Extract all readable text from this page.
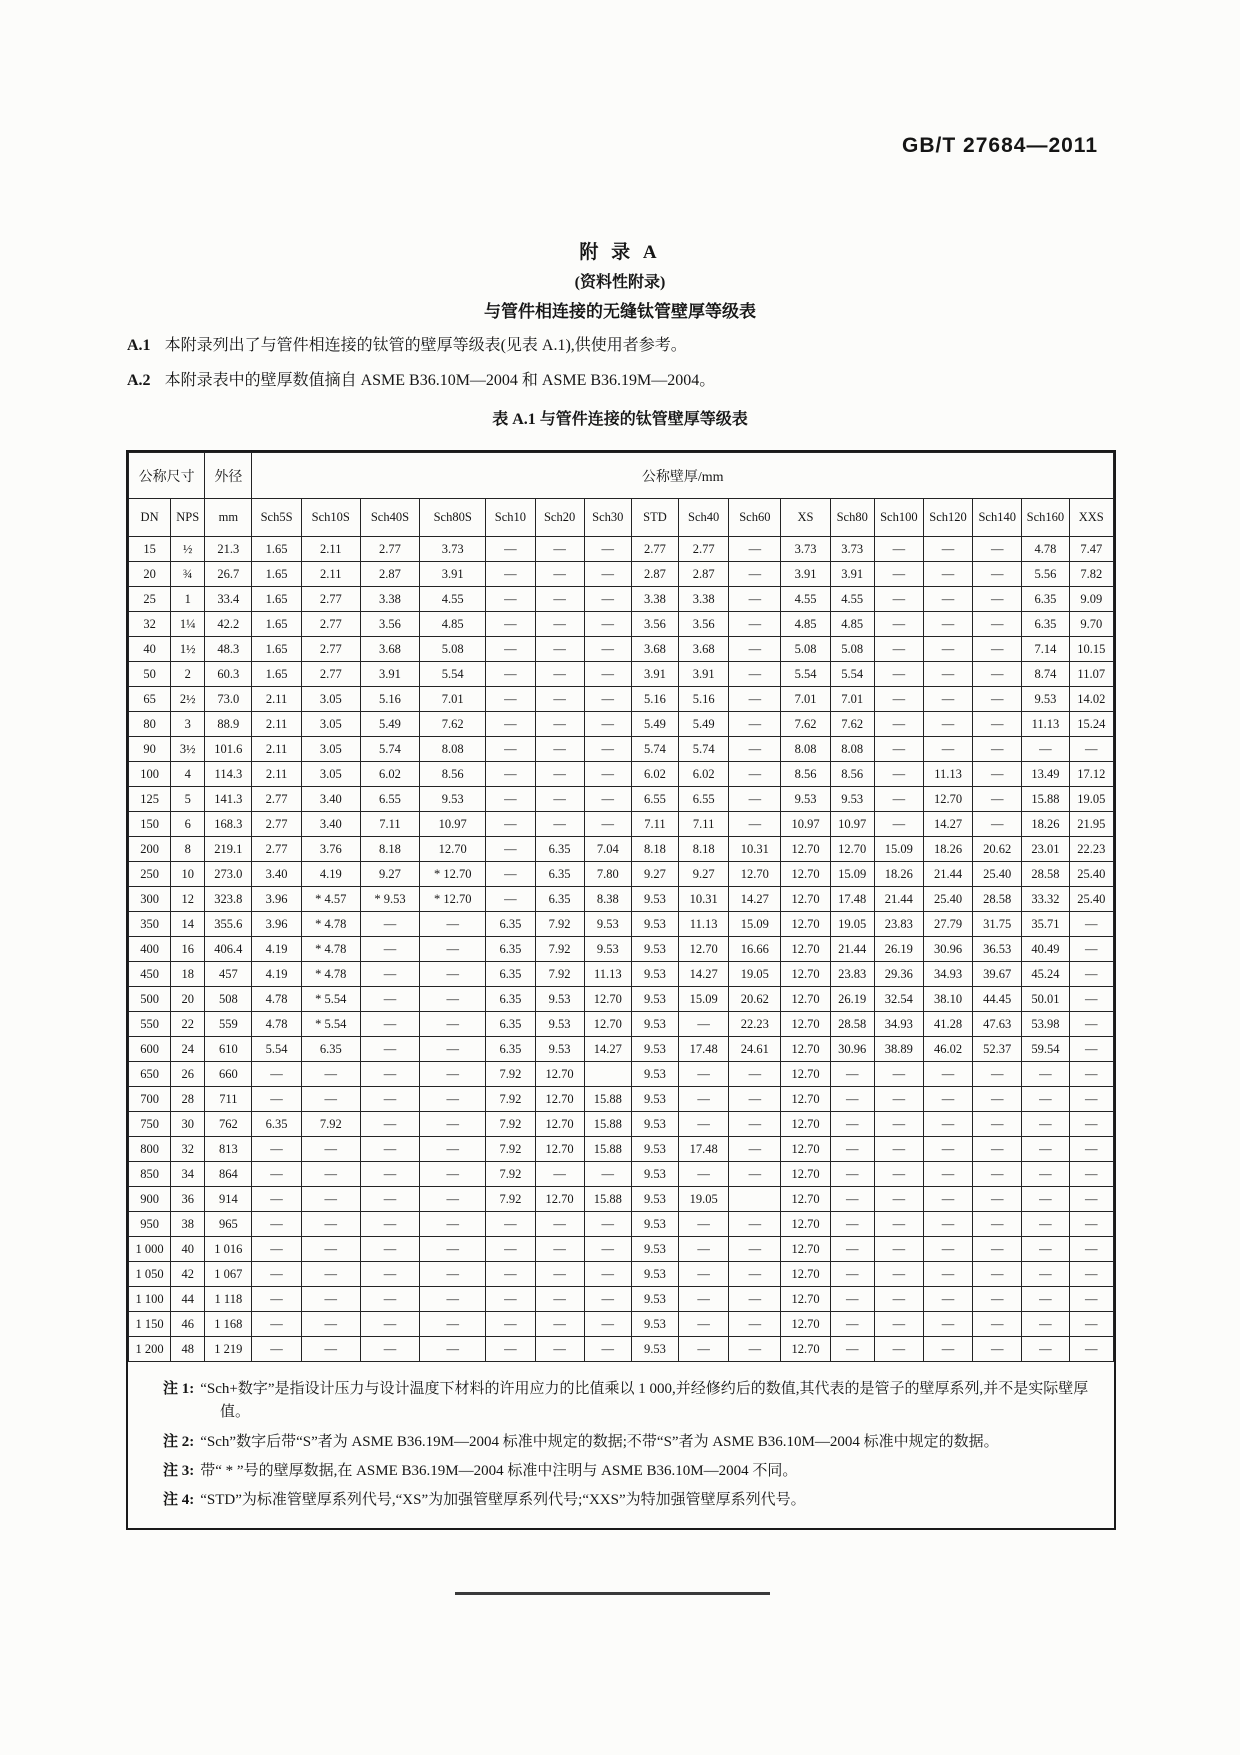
GB/T 27684—2011
附 录 A
(资料性附录)
与管件相连接的无缝钛管壁厚等级表
A.1 本附录列出了与管件相连接的钛管的壁厚等级表(见表 A.1),供使用者参考。
A.2 本附录表中的壁厚数值摘自 ASME B36.10M—2004 和 ASME B36.19M—2004。
表 A.1 与管件连接的钛管壁厚等级表
公称尺寸		外径	公称壁厚/mm																
DN	NPS	mm	Sch5S	Sch10S	Sch40S	Sch80S	Sch10	Sch20	Sch30	STD	Sch40	Sch60	XS	Sch80	Sch100	Sch120	Sch140	Sch160	XXS
15	½	21.3	1.65	2.11	2.77	3.73	—	—	—	2.77	2.77	—	3.73	3.73	—	—	—	4.78	7.47
20	¾	26.7	1.65	2.11	2.87	3.91	—	—	—	2.87	2.87	—	3.91	3.91	—	—	—	5.56	7.82
25	1	33.4	1.65	2.77	3.38	4.55	—	—	—	3.38	3.38	—	4.55	4.55	—	—	—	6.35	9.09
32	1¼	42.2	1.65	2.77	3.56	4.85	—	—	—	3.56	3.56	—	4.85	4.85	—	—	—	6.35	9.70
40	1½	48.3	1.65	2.77	3.68	5.08	—	—	—	3.68	3.68	—	5.08	5.08	—	—	—	7.14	10.15
50	2	60.3	1.65	2.77	3.91	5.54	—	—	—	3.91	3.91	—	5.54	5.54	—	—	—	8.74	11.07
65	2½	73.0	2.11	3.05	5.16	7.01	—	—	—	5.16	5.16	—	7.01	7.01	—	—	—	9.53	14.02
80	3	88.9	2.11	3.05	5.49	7.62	—	—	—	5.49	5.49	—	7.62	7.62	—	—	—	11.13	15.24
90	3½	101.6	2.11	3.05	5.74	8.08	—	—	—	5.74	5.74	—	8.08	8.08	—	—	—	—	—
100	4	114.3	2.11	3.05	6.02	8.56	—	—	—	6.02	6.02	—	8.56	8.56	—	11.13	—	13.49	17.12
125	5	141.3	2.77	3.40	6.55	9.53	—	—	—	6.55	6.55	—	9.53	9.53	—	12.70	—	15.88	19.05
150	6	168.3	2.77	3.40	7.11	10.97	—	—	—	7.11	7.11	—	10.97	10.97	—	14.27	—	18.26	21.95
200	8	219.1	2.77	3.76	8.18	12.70	—	6.35	7.04	8.18	8.18	10.31	12.70	12.70	15.09	18.26	20.62	23.01	22.23
250	10	273.0	3.40	4.19	9.27	* 12.70	—	6.35	7.80	9.27	9.27	12.70	12.70	15.09	18.26	21.44	25.40	28.58	25.40
300	12	323.8	3.96	* 4.57	* 9.53	* 12.70	—	6.35	8.38	9.53	10.31	14.27	12.70	17.48	21.44	25.40	28.58	33.32	25.40
350	14	355.6	3.96	* 4.78	—	—	6.35	7.92	9.53	9.53	11.13	15.09	12.70	19.05	23.83	27.79	31.75	35.71	—
400	16	406.4	4.19	* 4.78	—	—	6.35	7.92	9.53	9.53	12.70	16.66	12.70	21.44	26.19	30.96	36.53	40.49	—
450	18	457	4.19	* 4.78	—	—	6.35	7.92	11.13	9.53	14.27	19.05	12.70	23.83	29.36	34.93	39.67	45.24	—
500	20	508	4.78	* 5.54	—	—	6.35	9.53	12.70	9.53	15.09	20.62	12.70	26.19	32.54	38.10	44.45	50.01	—
550	22	559	4.78	* 5.54	—	—	6.35	9.53	12.70	9.53	—	22.23	12.70	28.58	34.93	41.28	47.63	53.98	—
600	24	610	5.54	6.35	—	—	6.35	9.53	14.27	9.53	17.48	24.61	12.70	30.96	38.89	46.02	52.37	59.54	—
650	26	660	—	—	—	—	7.92	12.70		9.53	—	—	12.70	—	—	—	—	—	—
700	28	711	—	—	—	—	7.92	12.70	15.88	9.53	—	—	12.70	—	—	—	—	—	—
750	30	762	6.35	7.92	—	—	7.92	12.70	15.88	9.53	—	—	12.70	—	—	—	—	—	—
800	32	813	—	—	—	—	7.92	12.70	15.88	9.53	17.48	—	12.70	—	—	—	—	—	—
850	34	864	—	—	—	—	7.92	—	—	9.53	—	—	12.70	—	—	—	—	—	—
900	36	914	—	—	—	—	7.92	12.70	15.88	9.53	19.05		12.70	—	—	—	—	—	—
950	38	965	—	—	—	—	—	—	—	9.53	—	—	12.70	—	—	—	—	—	—
1 000	40	1 016	—	—	—	—	—	—	—	9.53	—	—	12.70	—	—	—	—	—	—
1 050	42	1 067	—	—	—	—	—	—	—	9.53	—	—	12.70	—	—	—	—	—	—
1 100	44	1 118	—	—	—	—	—	—	—	9.53	—	—	12.70	—	—	—	—	—	—
1 150	46	1 168	—	—	—	—	—	—	—	9.53	—	—	12.70	—	—	—	—	—	—
1 200	48	1 219	—	—	—	—	—	—	—	9.53	—	—	12.70	—	—	—	—	—	—
注 1: “Sch+数字”是指设计压力与设计温度下材料的许用应力的比值乘以 1 000,并经修约后的数值,其代表的是管子的壁厚系列,并不是实际壁厚值。
注 2: “Sch”数字后带“S”者为 ASME B36.19M—2004 标准中规定的数据;不带“S”者为 ASME B36.10M—2004 标准中规定的数据。
注 3: 带“ * ”号的壁厚数据,在 ASME B36.19M—2004 标准中注明与 ASME B36.10M—2004 不同。
注 4: “STD”为标准管壁厚系列代号,“XS”为加强管壁厚系列代号;“XXS”为特加强管壁厚系列代号。
